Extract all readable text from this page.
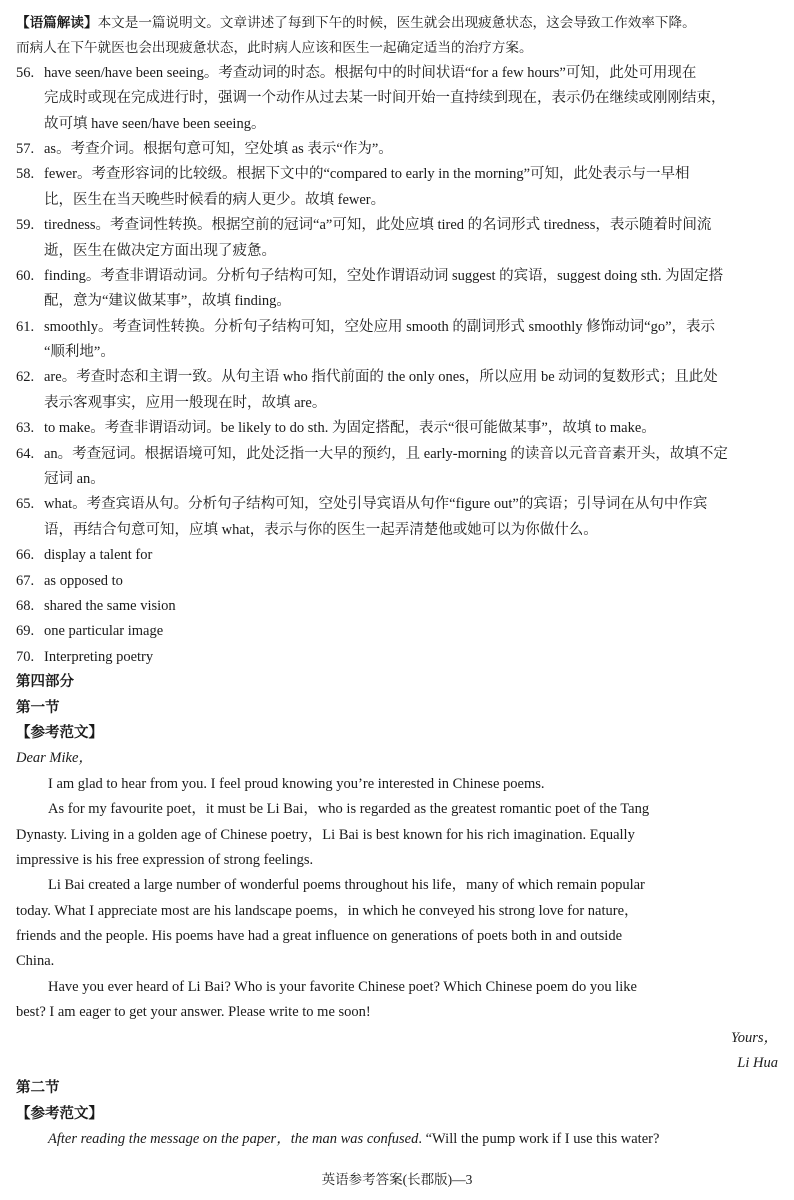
【语篇解读】本文是一篇说明文。文章讲述了每到下午的时候，医生就会出现疲惫状态，这会导致工作效率下降。
而病人在下午就医也会出现疲惫状态，此时病人应该和医生一起确定适当的治疗方案。
56. have seen/have been seeing。考查动词的时态。根据句中的时间状语“for a few hours”可知，此处可用现在
完成时或现在完成进行时，强调一个动作从过去某一时间开始一直持续到现在，表示仍在继续或刚刚结束，
故可填 have seen/have been seeing。
57. as。考查介词。根据句意可知，空处填 as 表示“作为”。
58. fewer。考查形容词的比较级。根据下文中的“compared to early in the morning”可知，此处表示与一早相
比，医生在当天晚些时候看的病人更少。故填 fewer。
59. tiredness。考查词性转换。根据空前的冠词“a”可知，此处应填 tired 的名词形式 tiredness，表示随着时间流
逝，医生在做决定方面出现了疲惫。
60. finding。考查非谓语动词。分析句子结构可知，空处作谓语动词 suggest 的宾语，suggest doing sth. 为固定搭
配，意为“建议做某事”，故填 finding。
61. smoothly。考查词性转换。分析句子结构可知，空处应用 smooth 的副词形式 smoothly 修饰动词“go”，表示
“顺利地”。
62. are。考查时态和主谓一致。从句主语 who 指代前面的 the only ones，所以应用 be 动词的复数形式；且此处
表示客观事实，应用一般现在时，故填 are。
63. to make。考查非谓语动词。be likely to do sth. 为固定搭配，表示“很可能做某事”，故填 to make。
64. an。考查冠词。根据语境可知，此处泛指一大早的预约，且 early-morning 的读音以元音音素开头，故填不定
冠词 an。
65. what。考查宾语从句。分析句子结构可知，空处引导宾语从句作“figure out”的宾语；引导词在从句中作宾
语，再结合句意可知，应填 what，表示与你的医生一起弄清楚他或她可以为你做什么。
66. display a talent for
67. as opposed to
68. shared the same vision
69. one particular image
70. Interpreting poetry
第四部分
第一节
【参考范文】
Dear Mike，
I am glad to hear from you. I feel proud knowing you’re interested in Chinese poems.
As for my favourite poet，it must be Li Bai，who is regarded as the greatest romantic poet of the Tang
Dynasty. Living in a golden age of Chinese poetry，Li Bai is best known for his rich imagination. Equally
impressive is his free expression of strong feelings.
Li Bai created a large number of wonderful poems throughout his life，many of which remain popular
today. What I appreciate most are his landscape poems，in which he conveyed his strong love for nature，
friends and the people. His poems have had a great influence on generations of poets both in and outside
China.
Have you ever heard of Li Bai? Who is your favorite Chinese poet? Which Chinese poem do you like
best? I am eager to get your answer. Please write to me soon!
Yours，
Li Hua
第二节
【参考范文】
After reading the message on the paper，the man was confused. “Will the pump work if I use this water?
英语参考答案(长郡版)—3
